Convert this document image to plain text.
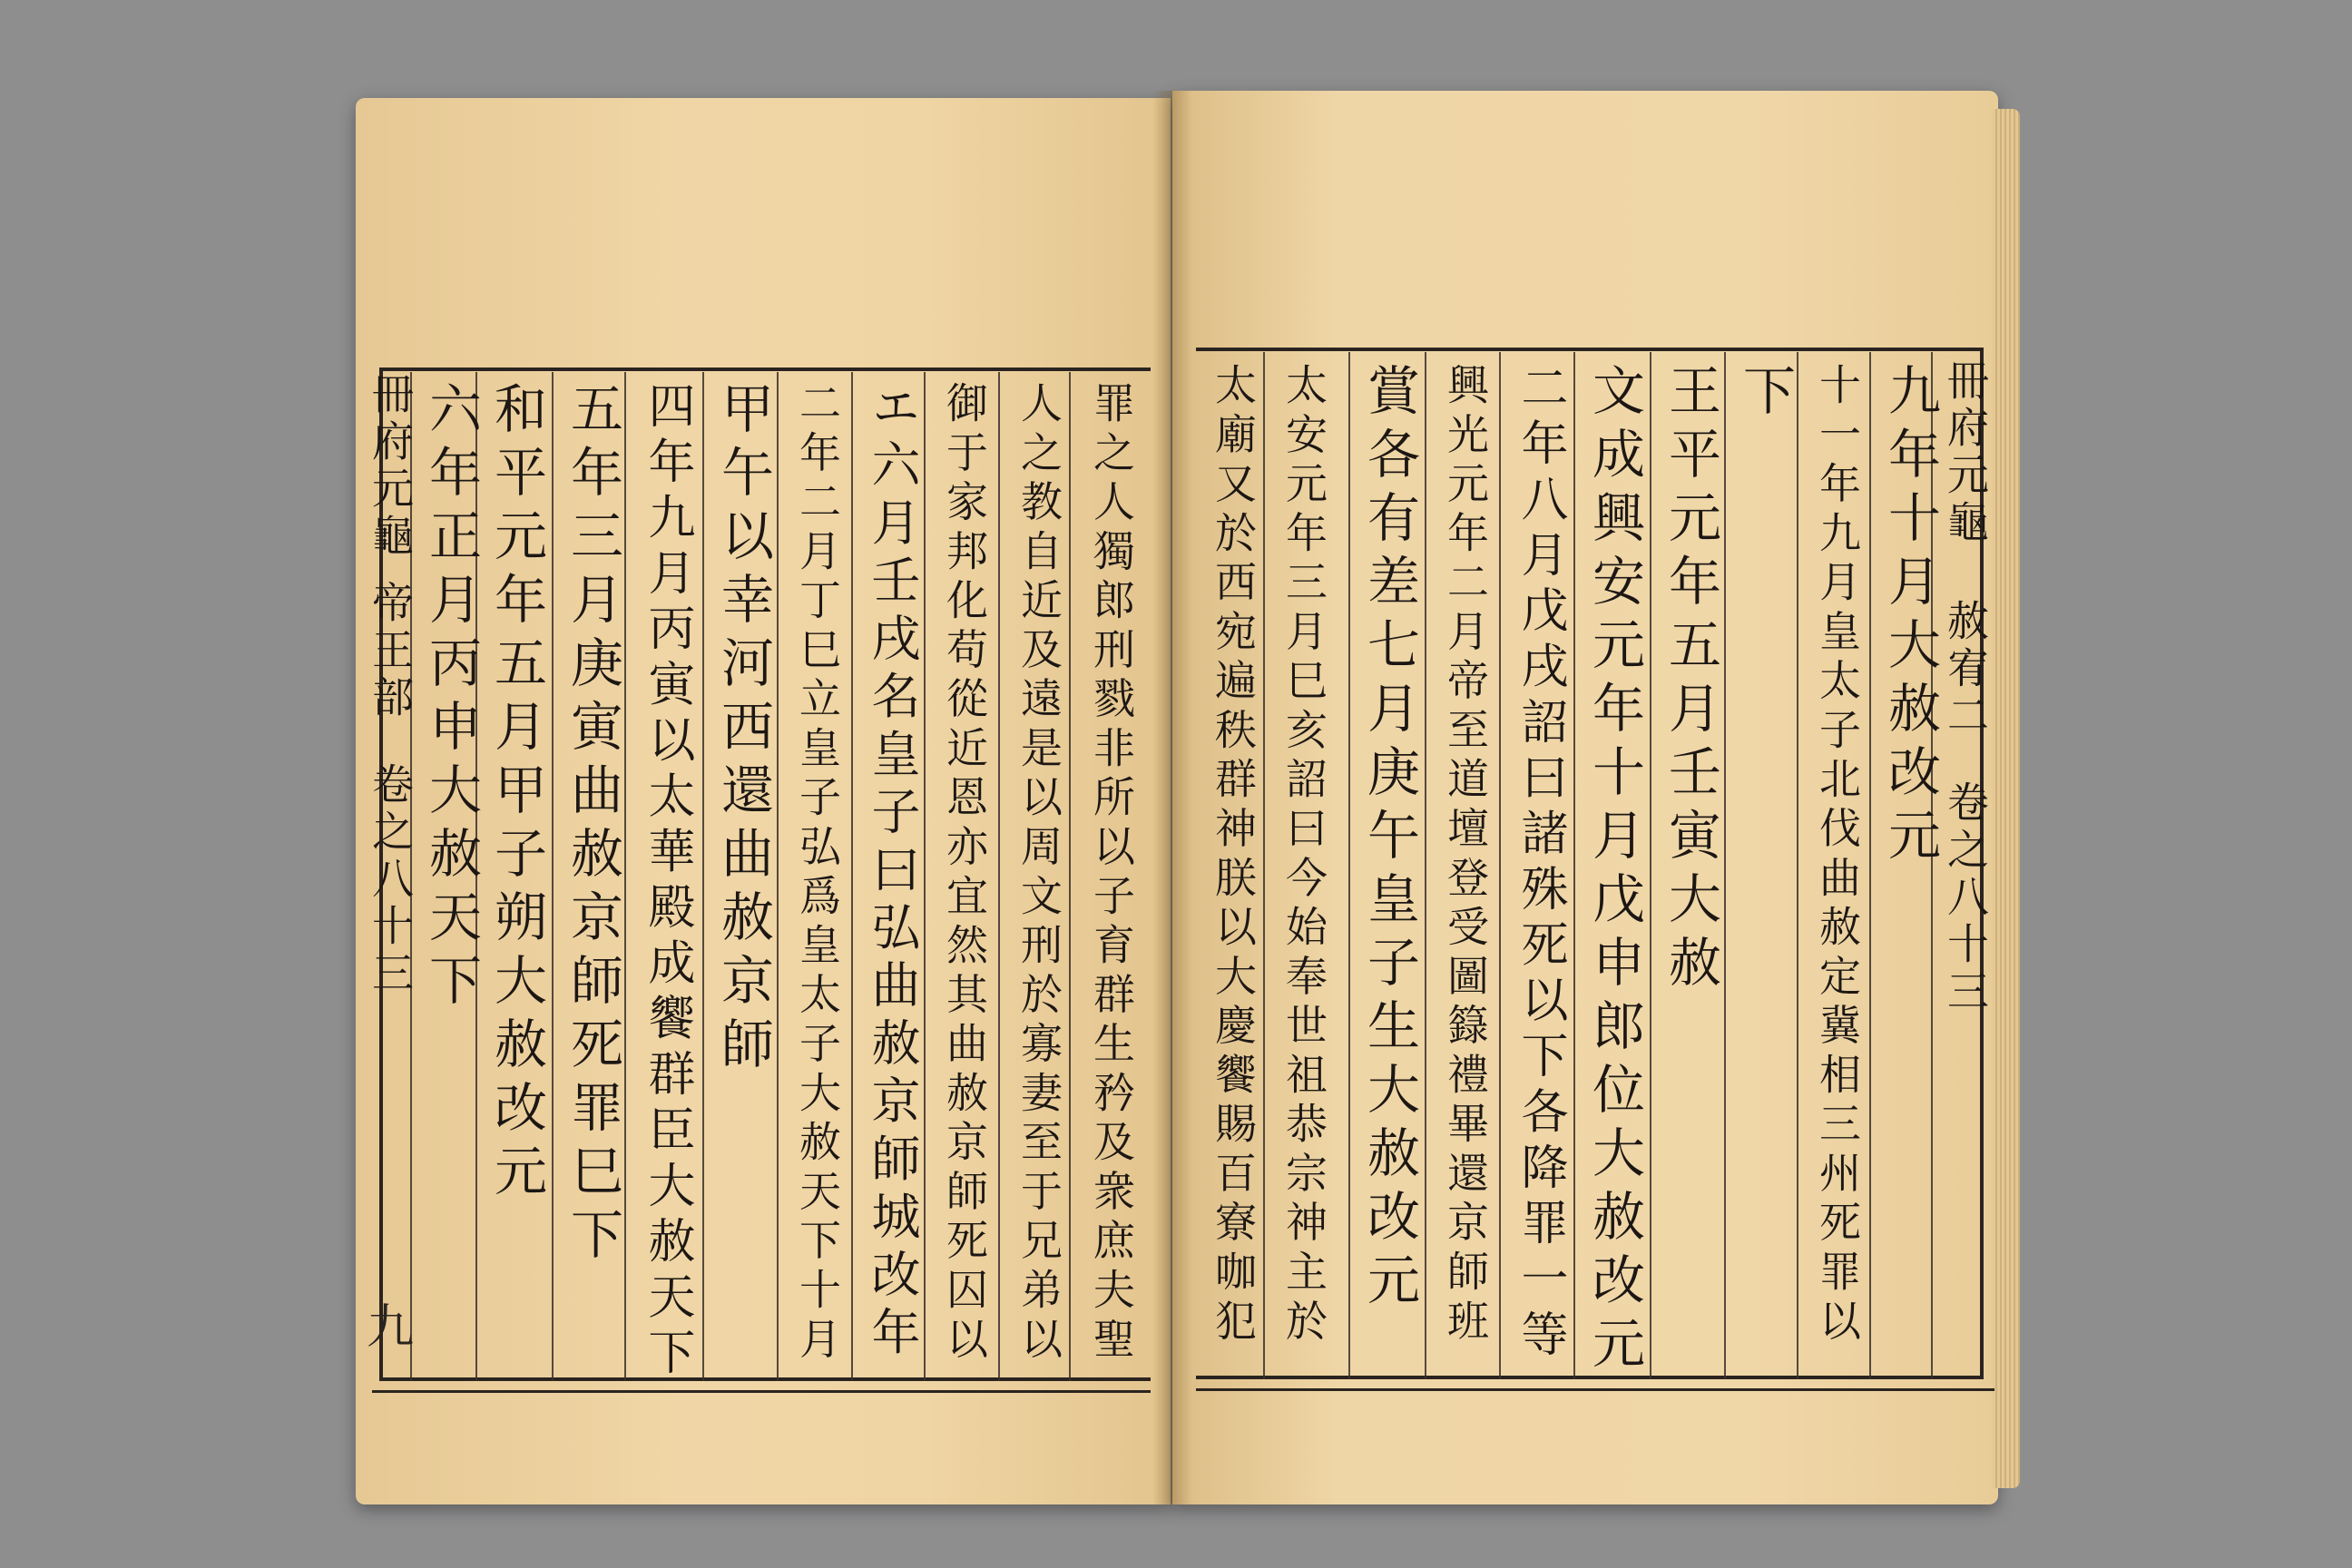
冊府元龜
赦宥二
卷之八十三
九年十月大赦改元
十一年九月皇太子北伐曲赦定冀相三州死罪以
下
王平元年五月壬寅大赦
文成興安元年十月戊申郎位大赦改元
二年八月戊戌詔曰諸殊死以下各降罪一等
興光元年二月帝至道壇登受圖籙禮畢還京師班
賞各有差七月庚午皇子生大赦改元
太安元年三月巳亥詔曰今始奉世祖恭宗神主於
太廟又於西宛遍秩群神朕以大慶饗賜百寮咖犯
罪之人獨郎刑戮非所以子育群生矜及衆庶夫聖
人之教自近及遠是以周文刑於寡妻至于兄弟以
御于家邦化苟從近恩亦宜然其曲赦京師死囚以
エ六月壬戌名皇子曰弘曲赦京師城改年
二年二月丁巳立皇子弘爲皇太子大赦天下十月
甲午以幸河西還曲赦京師
四年九月丙寅以太華殿成饗群臣大赦天下
五年三月庚寅曲赦京師死罪巳下
和平元年五月甲子朔大赦改元
六年正月丙申大赦天下
冊府元龜
帝王部
卷之八十三
九
